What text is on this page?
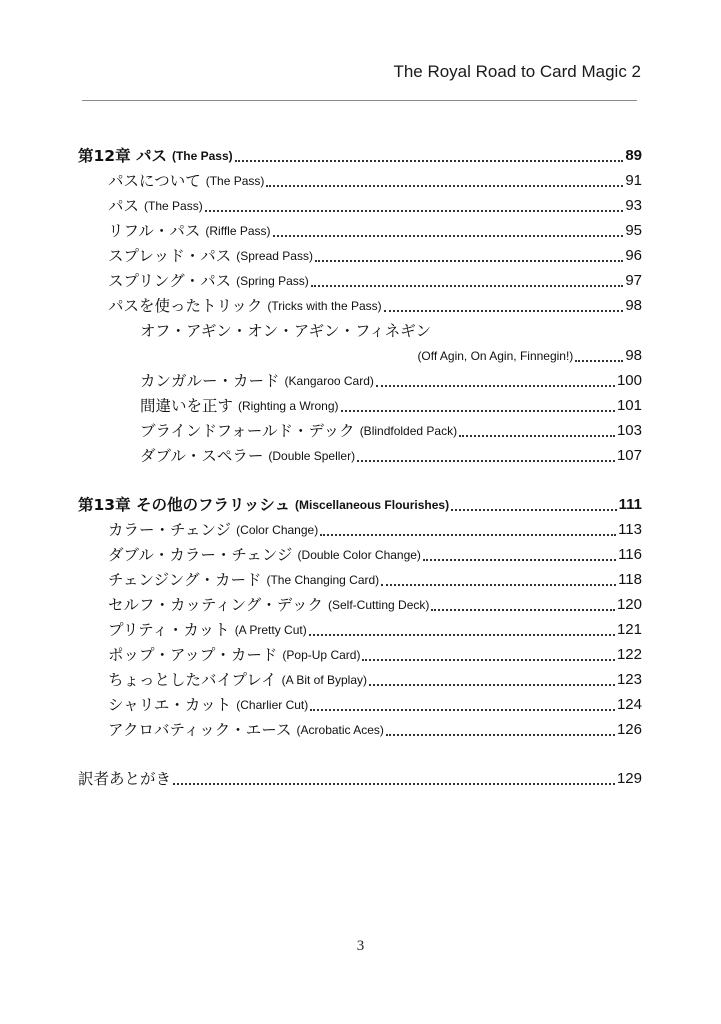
The Royal Road to Card Magic 2
第12章 パス (The Pass)	89
パスについて (The Pass)	91
パス (The Pass)	93
リフル・パス (Riffle Pass)	95
スプレッド・パス (Spread Pass)	96
スプリング・パス (Spring Pass)	97
パスを使ったトリック (Tricks with the Pass)	98
オフ・アギン・オン・アギン・フィネギン
(Off Agin, On Agin, Finnegin!)	98
カンガルー・カード (Kangaroo Card)	100
間違いを正す (Righting a Wrong)	101
ブラインドフォールド・デック (Blindfolded Pack)	103
ダブル・スペラー (Double Speller)	107
第13章 その他のフラリッシュ (Miscellaneous Flourishes)	111
カラー・チェンジ (Color Change)	113
ダブル・カラー・チェンジ (Double Color Change)	116
チェンジング・カード (The Changing Card)	118
セルフ・カッティング・デック (Self-Cutting Deck)	120
プリティ・カット (A Pretty Cut)	121
ポップ・アップ・カード (Pop-Up Card)	122
ちょっとしたバイプレイ (A Bit of Byplay)	123
シャリエ・カット (Charlier Cut)	124
アクロバティック・エース (Acrobatic Aces)	126
訳者あとがき	129
3
